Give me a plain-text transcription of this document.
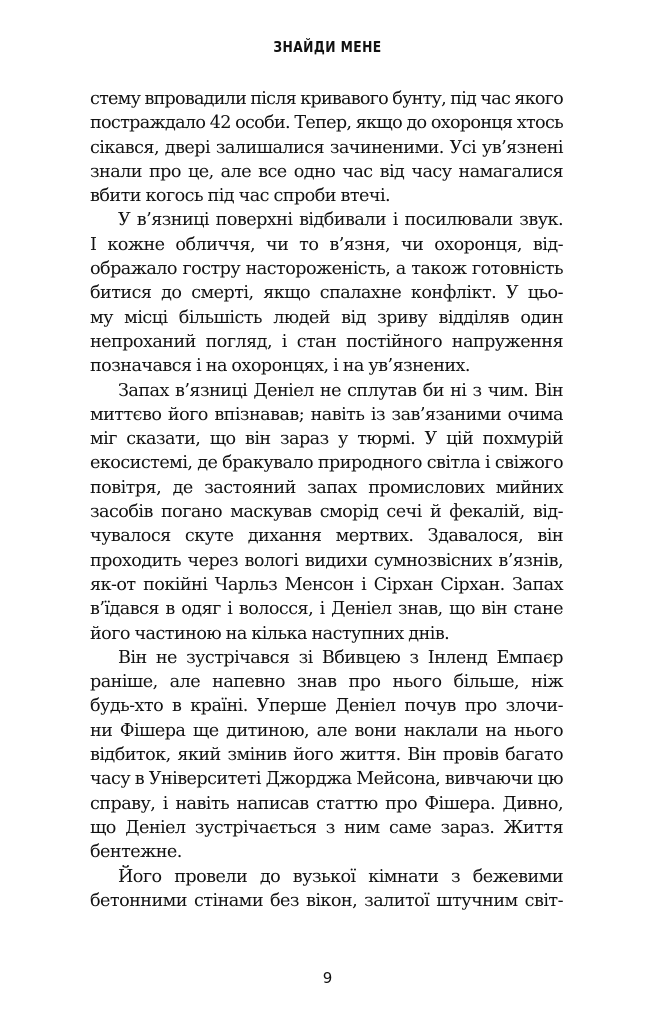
ЗНАЙДИ МЕНЕ
стему впровадили після кривавого бунту, під час якого
постраждало 42 особи. Тепер, якщо до охоронця хтось
сікався, двері залишалися зачиненими. Усі ув’язнені
знали про це, але все одно час від часу намагалися
вбити когось під час спроби втечі.
У в’язниці поверхні відбивали і посилювали звук.
І кожне обличчя, чи то в’язня, чи охоронця, від-
ображало гостру настороженість, а також готовність
битися до смерті, якщо спалахне конфлікт. У цьо-
му місці більшість людей від зриву відділяв один
непроханий погляд, і стан постійного напруження
позначався і на охоронцях, і на ув’язнених.
Запах в’язниці Деніел не сплутав би ні з чим. Він
миттєво його впізнавав; навіть із зав’язаними очима
міг сказати, що він зараз у тюрмі. У цій похмурій
екосистемі, де бракувало природного світла і свіжого
повітря, де застояний запах промислових мийних
засобів погано маскував сморід сечі й фекалій, від-
чувалося скуте дихання мертвих. Здавалося, він
проходить через вологі видихи сумнозвісних в’язнів,
як-от покійні Чарльз Менсон і Сірхан Сірхан. Запах
в’їдався в одяг і волосся, і Деніел знав, що він стане
його частиною на кілька наступних днів.
Він не зустрічався зі Вбивцею з Інленд Емпаєр
раніше, але напевно знав про нього більше, ніж
будь-хто в країні. Уперше Деніел почув про злочи-
ни Фішера ще дитиною, але вони наклали на нього
відбиток, який змінив його життя. Він провів багато
часу в Університеті Джорджа Мейсона, вивчаючи цю
справу, і навіть написав статтю про Фішера. Дивно,
що Деніел зустрічається з ним саме зараз. Життя
бентежне.
Його провели до вузької кімнати з бежевими
бетонними стінами без вікон, залитої штучним світ-
9
